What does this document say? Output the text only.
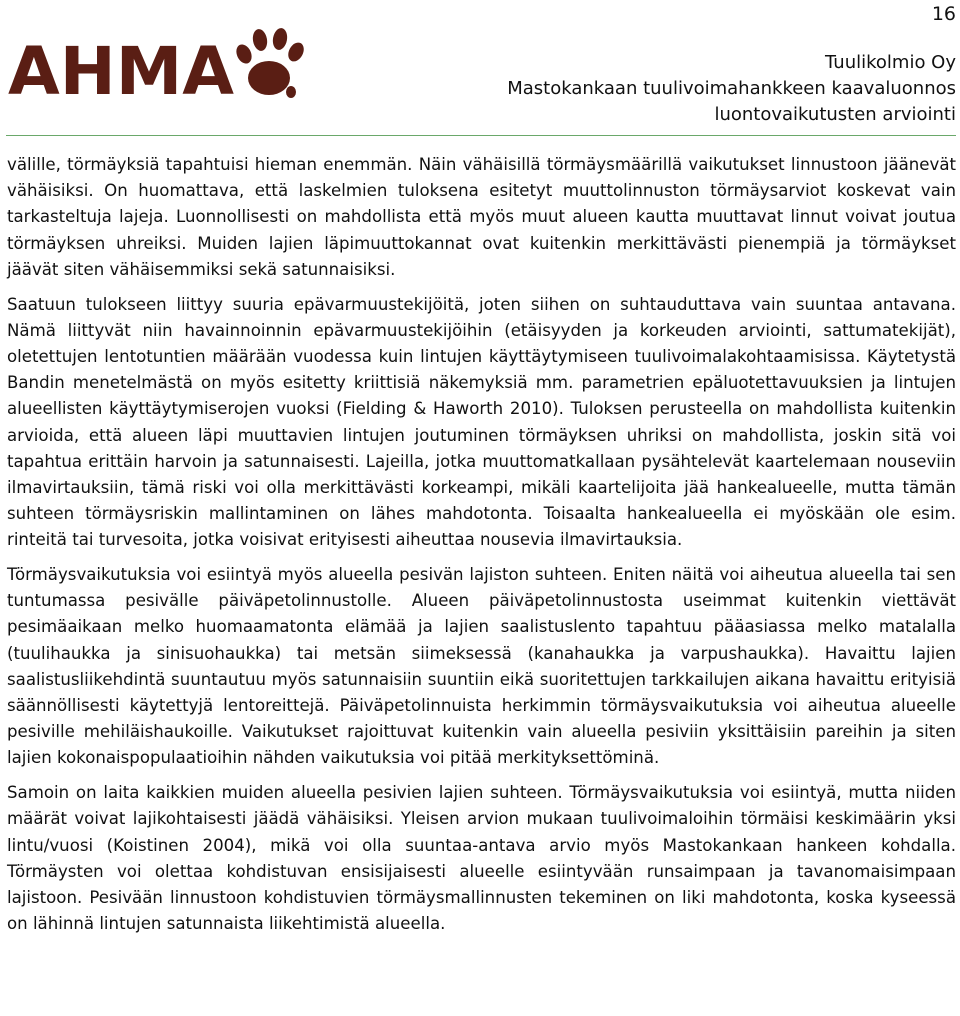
16
AHMA	Tuulikolmio Oy
Mastokankaan tuulivoimahankkeen kaavaluonnos
luontovaikutusten arviointi

välille, törmäyksiä tapahtuisi hieman enemmän. Näin vähäisillä törmäysmäärillä vaikutukset linnustoon jäänevät vähäisiksi. On huomattava, että laskelmien tuloksena esitetyt muuttolinnuston törmäysarviot koskevat vain tarkasteltuja lajeja. Luonnollisesti on mahdollista että myös muut alueen kautta muuttavat linnut voivat joutua törmäyksen uhreiksi. Muiden lajien läpimuuttokannat ovat kuitenkin merkittävästi pienempiä ja törmäykset jäävät siten vähäisemmiksi sekä satunnaisiksi.

Saatuun tulokseen liittyy suuria epävarmuustekijöitä, joten siihen on suhtauduttava vain suuntaa antavana. Nämä liittyvät niin havainnoinnin epävarmuustekijöihin (etäisyyden ja korkeuden arviointi, sattumatekijät), oletettujen lentotuntien määrään vuodessa kuin lintujen käyttäytymiseen tuulivoimalakohtaamisissa. Käytetystä Bandin menetelmästä on myös esitetty kriittisiä näkemyksiä mm. parametrien epäluotettavuuksien ja lintujen alueellisten käyttäytymiserojen vuoksi (Fielding & Haworth 2010). Tuloksen perusteella on mahdollista kuitenkin arvioida, että alueen läpi muuttavien lintujen joutuminen törmäyksen uhriksi on mahdollista, joskin sitä voi tapahtua erittäin harvoin ja satunnaisesti. Lajeilla, jotka muuttomatkallaan pysähtelevät kaartelemaan nouseviin ilmavirtauksiin, tämä riski voi olla merkittävästi korkeampi, mikäli kaartelijoita jää hankealueelle, mutta tämän suhteen törmäysriskin mallintaminen on lähes mahdotonta. Toisaalta hankealueella ei myöskään ole esim. rinteitä tai turvesoita, jotka voisivat erityisesti aiheuttaa nousevia ilmavirtauksia.

Törmäysvaikutuksia voi esiintyä myös alueella pesivän lajiston suhteen. Eniten näitä voi aiheutua alueella tai sen tuntumassa pesivälle päiväpetolinnustolle. Alueen päiväpetolinnustosta useimmat kuitenkin viettävät pesimäaikaan melko huomaamatonta elämää ja lajien saalistuslento tapahtuu pääasiassa melko matalalla (tuulihaukka ja sinisuohaukka) tai metsän siimeksessä (kanahaukka ja varpushaukka). Havaittu lajien saalistusliikehdintä suuntautuu myös satunnaisiin suuntiin eikä suoritettujen tarkkailujen aikana havaittu erityisiä säännöllisesti käytettyjä lentoreittejä. Päiväpetolinnuista herkimmin törmäysvaikutuksia voi aiheutua alueelle pesiville mehiläishaukoille. Vaikutukset rajoittuvat kuitenkin vain alueella pesiviin yksittäisiin pareihin ja siten lajien kokonaispopulaatioihin nähden vaikutuksia voi pitää merkityksettöminä.

Samoin on laita kaikkien muiden alueella pesivien lajien suhteen. Törmäysvaikutuksia voi esiintyä, mutta niiden määrät voivat lajikohtaisesti jäädä vähäisiksi. Yleisen arvion mukaan tuulivoimaloihin törmäisi keskimäärin yksi lintu/vuosi (Koistinen 2004), mikä voi olla suuntaa-antava arvio myös Mastokankaan hankeen kohdalla. Törmäysten voi olettaa kohdistuvan ensisijaisesti alueelle esiintyvään runsaimpaan ja tavanomaisimpaan lajistoon. Pesivään linnustoon kohdistuvien törmäysmallinnusten tekeminen on liki mahdotonta, koska kyseessä on lähinnä lintujen satunnaista liikehtimistä alueella.
